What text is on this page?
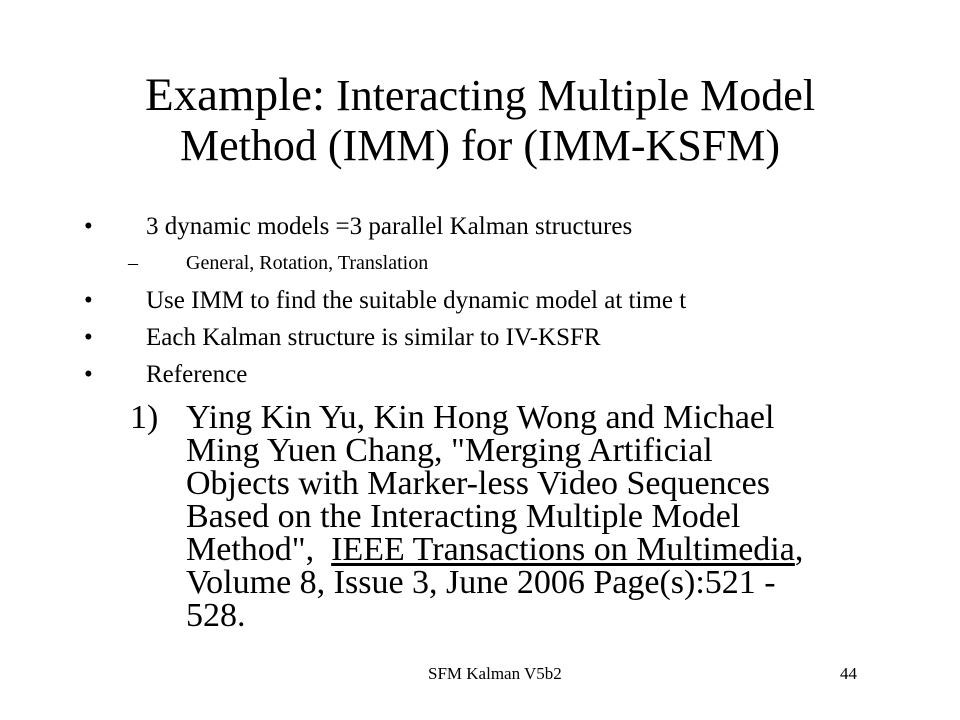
Example: Interacting Multiple Model
Method (IMM) for (IMM-KSFM)
• 3 dynamic models =3 parallel Kalman structures
– General, Rotation, Translation
• Use IMM to find the suitable dynamic model at time t
• Each Kalman structure is similar to IV-KSFR
• Reference
1) Ying Kin Yu, Kin Hong Wong and Michael
Ming Yuen Chang, "Merging Artificial
Objects with Marker-less Video Sequences
Based on the Interacting Multiple Model
Method", IEEE Transactions on Multimedia,
Volume 8, Issue 3, June 2006 Page(s):521 -
528.
SFM Kalman V5b2	44
